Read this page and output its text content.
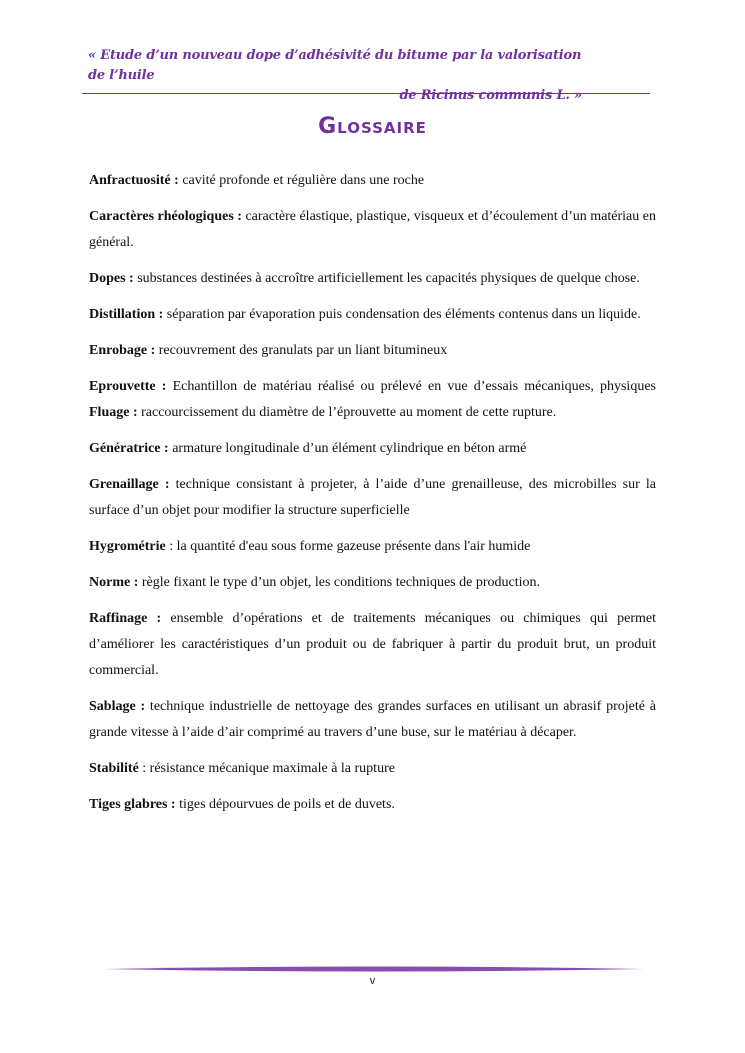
« Etude d’un nouveau dope d’adhésivité du bitume par la valorisation de l’huile
de Ricinus communis L. »
Glossaire

Anfractuosité : cavité profonde et régulière dans une roche

Caractères rhéologiques : caractère élastique, plastique, visqueux et d’écoulement d’un matériau en général.

Dopes : substances destinées à accroître artificiellement les capacités physiques de quelque chose.

Distillation : séparation par évaporation puis condensation des éléments contenus dans un liquide.

Enrobage : recouvrement des granulats par un liant bitumineux

Eprouvette : Echantillon de matériau réalisé ou prélevé en vue d’essais mécaniques, physiques Fluage : raccourcissement du diamètre de l’éprouvette au moment de cette rupture.

Génératrice : armature longitudinale d’un élément cylindrique en béton armé

Grenaillage : technique consistant à projeter, à l’aide d’une grenailleuse, des microbilles sur la surface d’un objet pour modifier la structure superficielle

Hygrométrie : la quantité d'eau sous forme gazeuse présente dans l'air humide

Norme : règle fixant le type d’un objet, les conditions techniques de production.

Raffinage : ensemble d’opérations et de traitements mécaniques ou chimiques qui permet d’améliorer les caractéristiques d’un produit ou de fabriquer à partir du produit brut, un produit commercial.

Sablage : technique industrielle de nettoyage des grandes surfaces en utilisant un abrasif projeté à grande vitesse à l’aide d’air comprimé au travers d’une buse, sur le matériau à décaper.

Stabilité : résistance mécanique maximale à la rupture

Tiges glabres : tiges dépourvues de poils et de duvets.

v
